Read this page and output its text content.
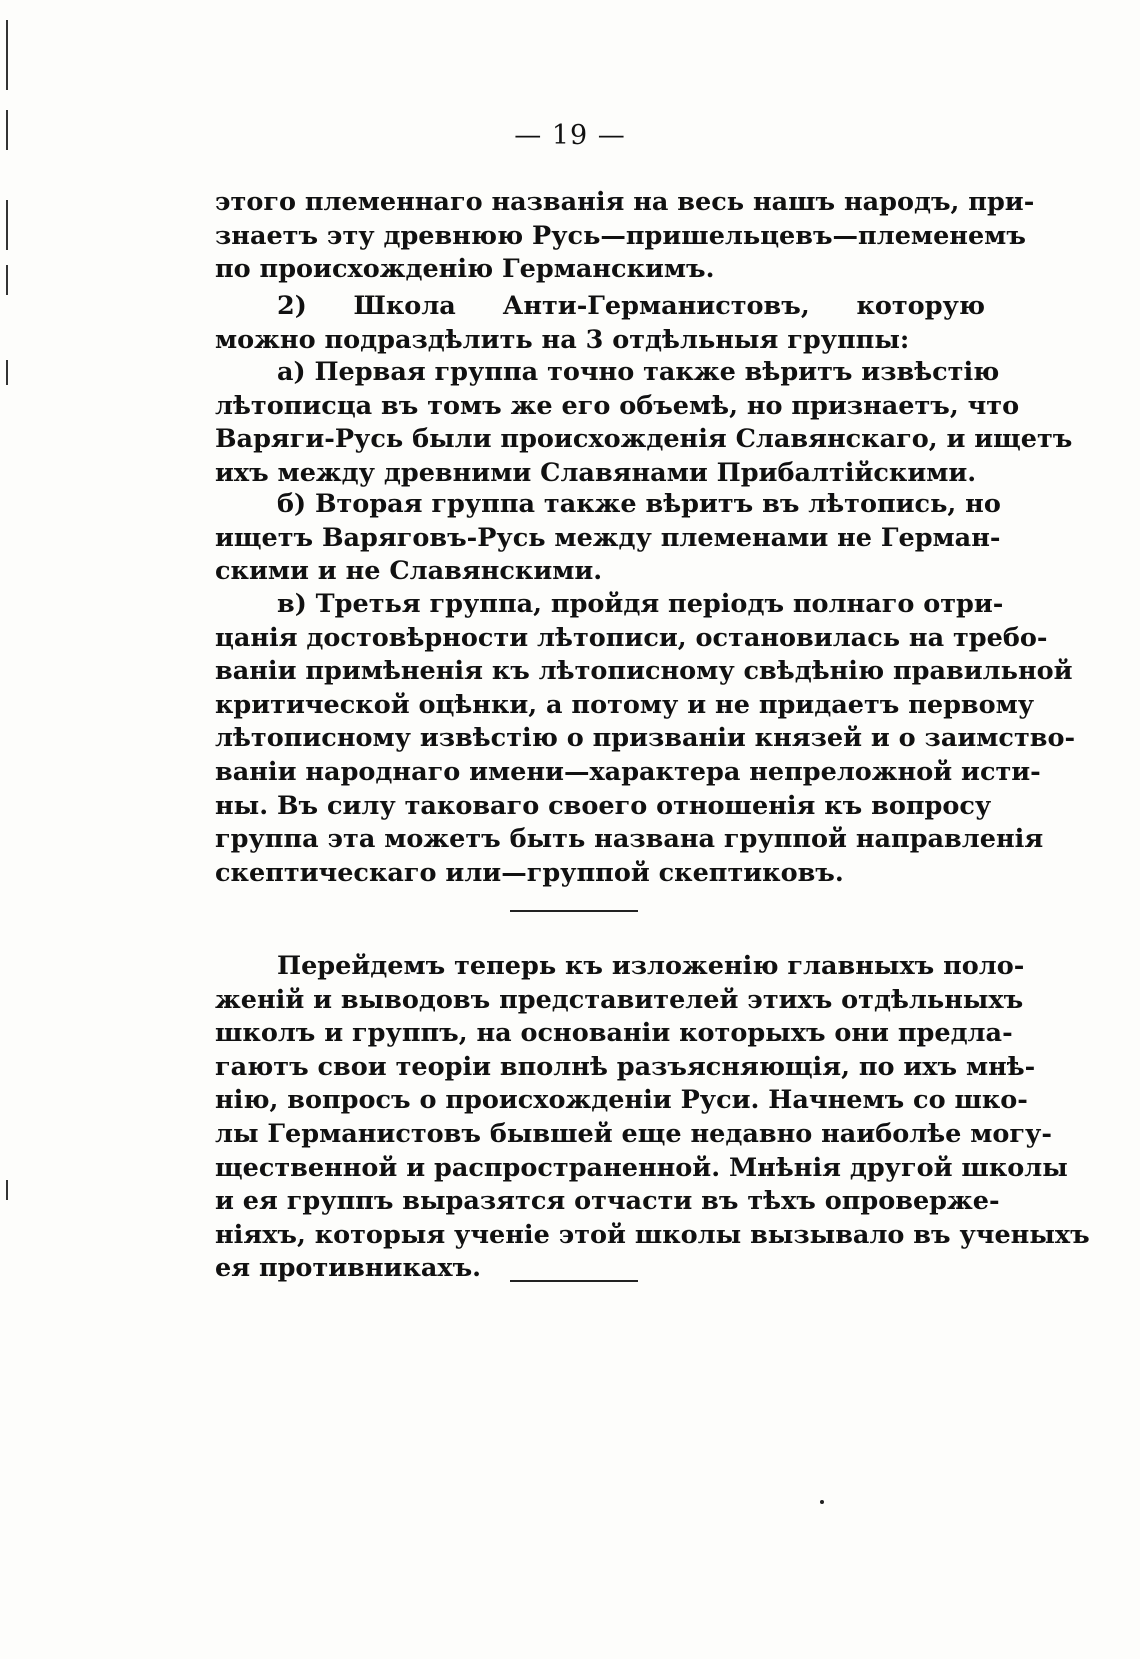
— 19 —
этого племеннаго названія на весь нашъ народъ, при-
знаетъ эту древнюю Русь—пришельцевъ—племенемъ
по происхожденію Германскимъ.
2) Школа Анти-Германистовъ, которую
можно подраздѣлить на 3 отдѣльныя группы:
а) Первая группа точно также вѣритъ извѣстію
лѣтописца въ томъ же его объемѣ, но признаетъ, что
Варяги-Русь были происхожденія Славянскаго, и ищетъ
ихъ между древними Славянами Прибалтійскими.
б) Вторая группа также вѣритъ въ лѣтопись, но
ищетъ Варяговъ-Русь между племенами не Герман-
скими и не Славянскими.
в) Третья группа, пройдя періодъ полнаго отри-
цанія достовѣрности лѣтописи, остановилась на требо-
ваніи примѣненія къ лѣтописному свѣдѣнію правильной
критической оцѣнки, а потому и не придаетъ первому
лѣтописному извѣстію о призваніи князей и о заимство-
ваніи народнаго имени—характера непреложной исти-
ны. Въ силу таковаго своего отношенія къ вопросу
группа эта можетъ быть названа группой направленія
скептическаго или—группой скептиковъ.
Перейдемъ теперь къ изложенію главныхъ поло-
женій и выводовъ представителей этихъ отдѣльныхъ
школъ и группъ, на основаніи которыхъ они предла-
гаютъ свои теоріи вполнѣ разъясняющія, по ихъ мнѣ-
нію, вопросъ о происхожденіи Руси. Начнемъ со шко-
лы Германистовъ бывшей еще недавно наиболѣе могу-
щественной и распространенной. Мнѣнія другой школы
и ея группъ выразятся отчасти въ тѣхъ опроверже-
ніяхъ, которыя ученіе этой школы вызывало въ ученыхъ
ея противникахъ.
